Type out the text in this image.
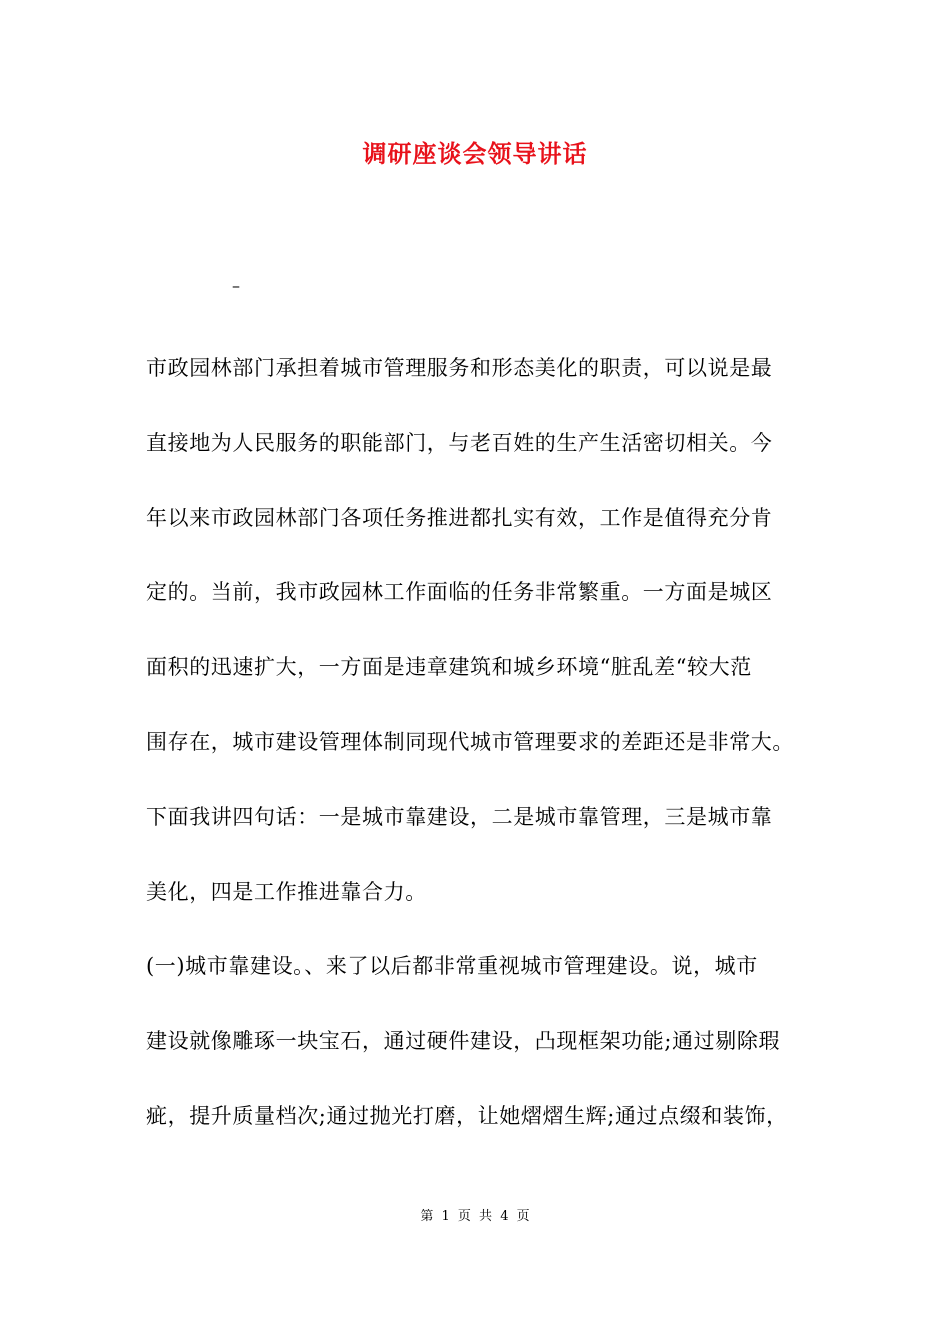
调研座谈会领导讲话
–
市政园林部门承担着城市管理服务和形态美化的职责，可以说是最
直接地为人民服务的职能部门，与老百姓的生产生活密切相关。今
年以来市政园林部门各项任务推进都扎实有效，工作是值得充分肯
定的。当前，我市政园林工作面临的任务非常繁重。一方面是城区
面积的迅速扩大，一方面是违章建筑和城乡环境“脏乱差“较大范
围存在，城市建设管理体制同现代城市管理要求的差距还是非常大。
下面我讲四句话：一是城市靠建设，二是城市靠管理，三是城市靠
美化，四是工作推进靠合力。
(一)城市靠建设。、来了以后都非常重视城市管理建设。说，城市
建设就像雕琢一块宝石，通过硬件建设，凸现框架功能;通过剔除瑕
疵，提升质量档次;通过抛光打磨，让她熠熠生辉;通过点缀和装饰，
第 1 页 共 4 页
